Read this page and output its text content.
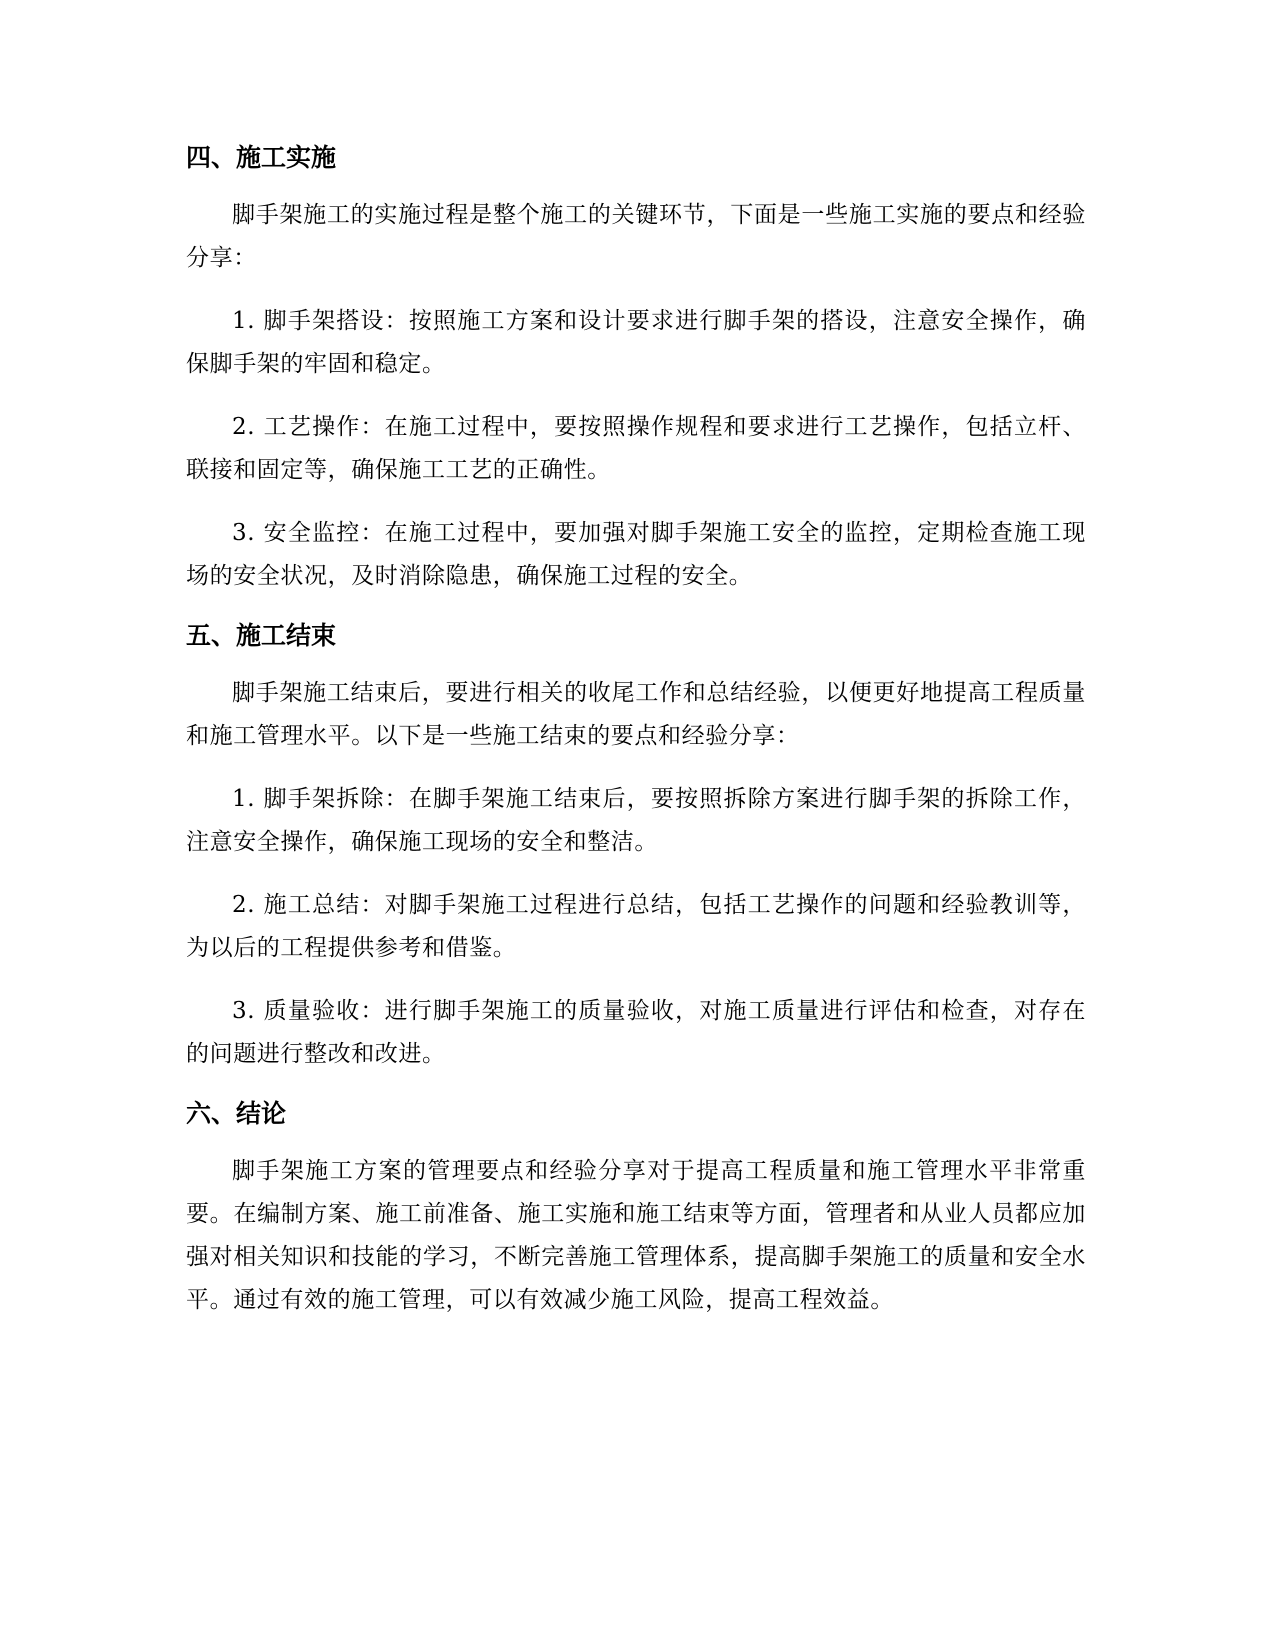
四、施工实施

脚手架施工的实施过程是整个施工的关键环节，下面是一些施工实施的要点和经验分享：

1. 脚手架搭设：按照施工方案和设计要求进行脚手架的搭设，注意安全操作，确保脚手架的牢固和稳定。

2. 工艺操作：在施工过程中，要按照操作规程和要求进行工艺操作，包括立杆、联接和固定等，确保施工工艺的正确性。

3. 安全监控：在施工过程中，要加强对脚手架施工安全的监控，定期检查施工现场的安全状况，及时消除隐患，确保施工过程的安全。

五、施工结束

脚手架施工结束后，要进行相关的收尾工作和总结经验，以便更好地提高工程质量和施工管理水平。以下是一些施工结束的要点和经验分享：

1. 脚手架拆除：在脚手架施工结束后，要按照拆除方案进行脚手架的拆除工作，注意安全操作，确保施工现场的安全和整洁。

2. 施工总结：对脚手架施工过程进行总结，包括工艺操作的问题和经验教训等，为以后的工程提供参考和借鉴。

3. 质量验收：进行脚手架施工的质量验收，对施工质量进行评估和检查，对存在的问题进行整改和改进。

六、结论

脚手架施工方案的管理要点和经验分享对于提高工程质量和施工管理水平非常重要。在编制方案、施工前准备、施工实施和施工结束等方面，管理者和从业人员都应加强对相关知识和技能的学习，不断完善施工管理体系，提高脚手架施工的质量和安全水平。通过有效的施工管理，可以有效减少施工风险，提高工程效益。
